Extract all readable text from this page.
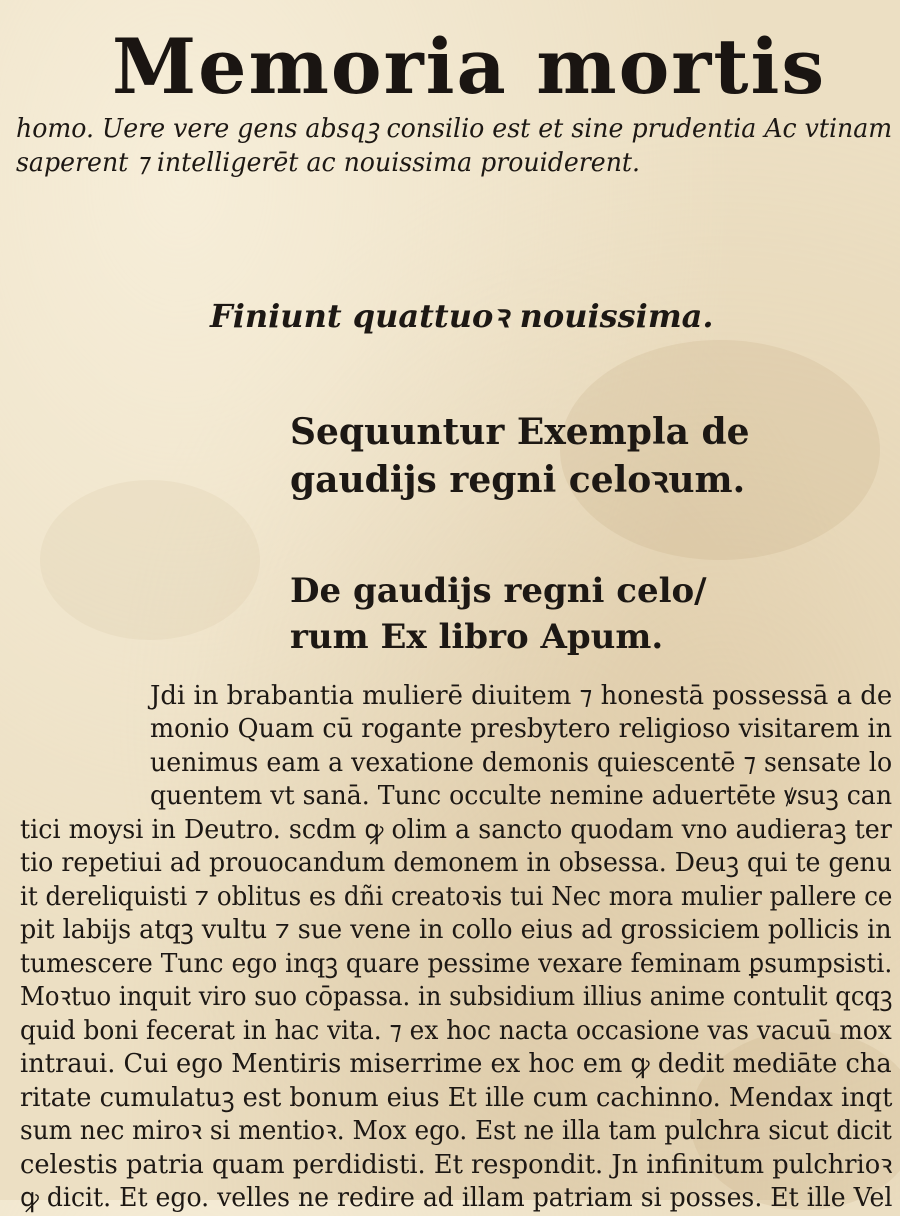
Memoria mortis
homo. Uere vere gens absqꝫ consilio est et sine prudentia Ac vtinam
saperent ⁊ intelligerēt ac nouissima prouiderent.
Finiunt quattuoꝛ nouissima.
Sequuntur Exempla de
gaudijs regni celoꝛum.
De gaudijs regni celo/
rum Ex libro Apum.
Jdi in brabantia mulierē diuitem ⁊ honestā possessā a de
monio Quam cū rogante presbytero religioso visitarem in
uenimus eam a vexatione demonis quiescentē ⁊ sensate lo
quentem vt sanā. Tunc occulte nemine aduertēte ꝟsuꝫ can
tici moysi in Deutro. scdm ꝙ olim a sancto quodam vno audieraꝫ ter
tio repetiui ad prouocandum demonem in obsessa. Deuꝫ qui te genu
it dereliquisti ⁊ oblitus es dñi creatoꝛis tui Nec mora mulier pallere ce
pit labijs atqꝫ vultu ⁊ sue vene in collo eius ad grossiciem pollicis in
tumescere Tunc ego inqꝫ quare pessime vexare feminam ꝑsumpsisti.
Moꝛtuo inquit viro suo cōpassa. in subsidium illius anime contulit qcqꝫ
quid boni fecerat in hac vita. ⁊ ex hoc nacta occasione vas vacuū mox
intraui. Cui ego Mentiris miserrime ex hoc em ꝙ dedit mediāte cha
ritate cumulatuꝫ est bonum eius Et ille cum cachinno. Mendax inqt
sum nec miroꝛ si mentioꝛ. Mox ego. Est ne illa tam pulchra sicut dicit
celestis patria quam perdidisti. Et respondit. Jn infinitum pulchrioꝛ
ꝙ dicit. Et ego. velles ne redire ad illam patriam si posses. Et ille Vel
